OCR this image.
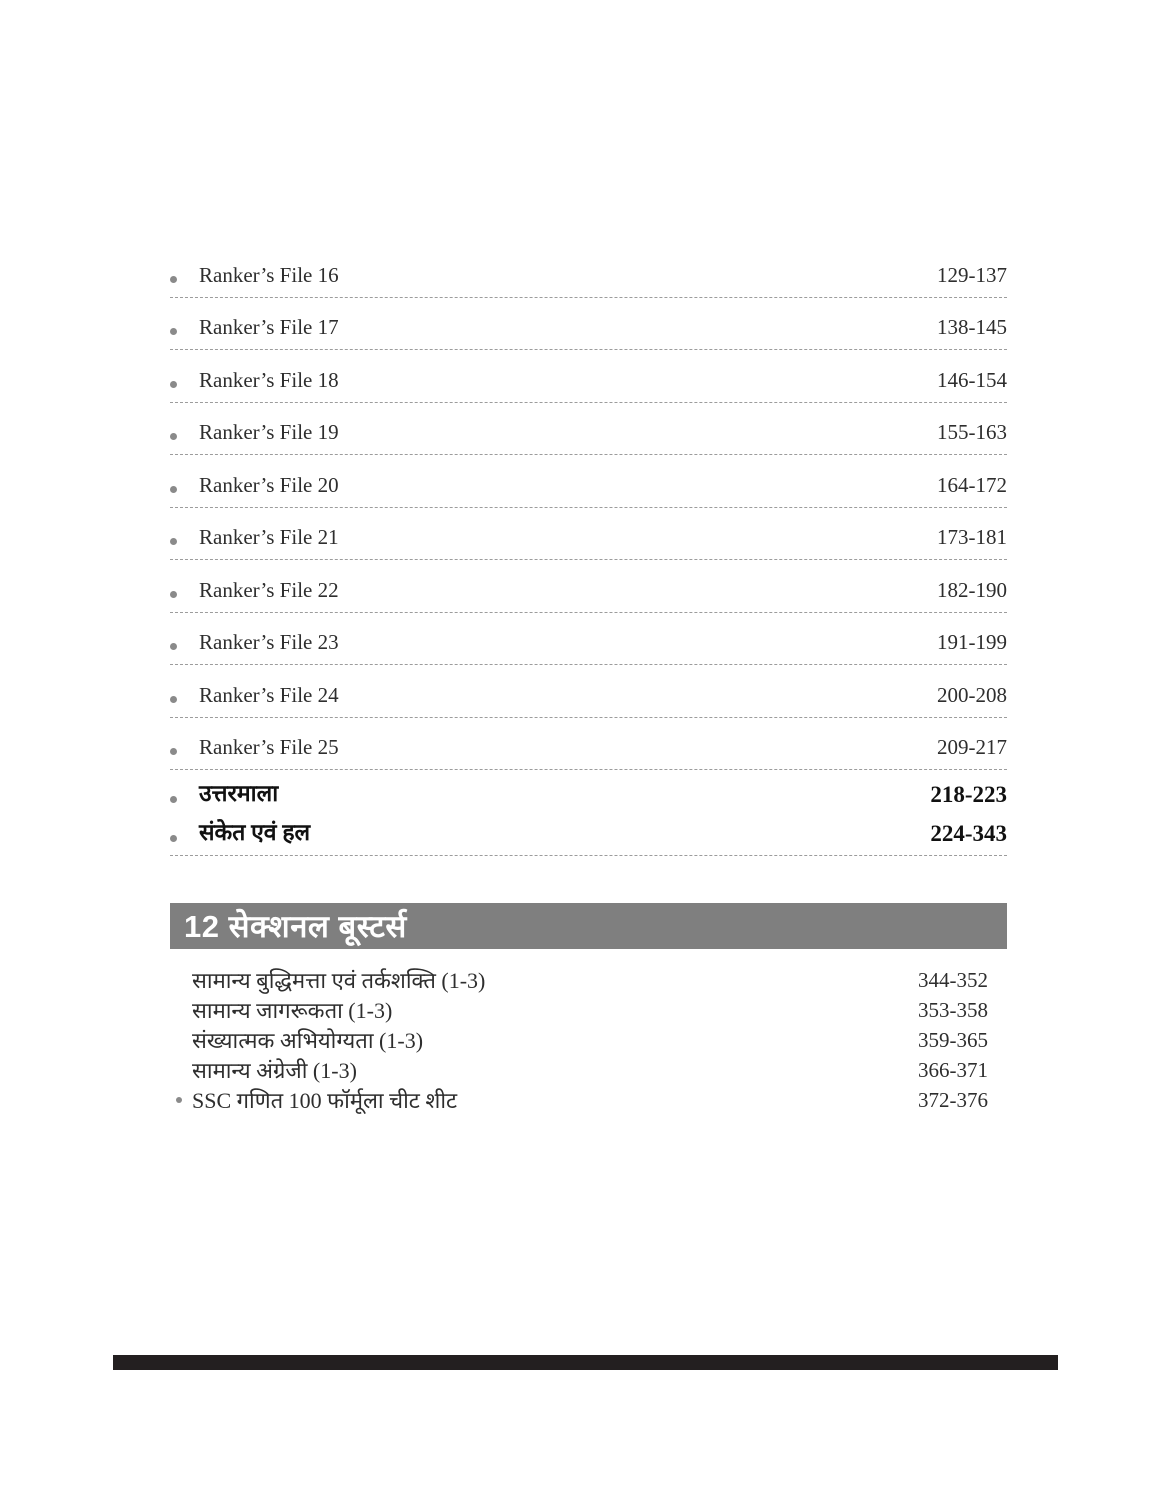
Ranker’s File 16	129-137
Ranker’s File 17	138-145
Ranker’s File 18	146-154
Ranker’s File 19	155-163
Ranker’s File 20	164-172
Ranker’s File 21	173-181
Ranker’s File 22	182-190
Ranker’s File 23	191-199
Ranker’s File 24	200-208
Ranker’s File 25	209-217
उत्तरमाला	218-223
संकेत एवं हल	224-343
12 सेक्शनल बूस्टर्स
सामान्य बुद्धिमत्ता एवं तर्कशक्ति (1-3)	344-352
सामान्य जागरूकता (1-3)	353-358
संख्यात्मक अभियोग्यता (1-3)	359-365
सामान्य अंग्रेजी (1-3)	366-371
SSC गणित 100 फॉर्मूला चीट शीट	372-376
